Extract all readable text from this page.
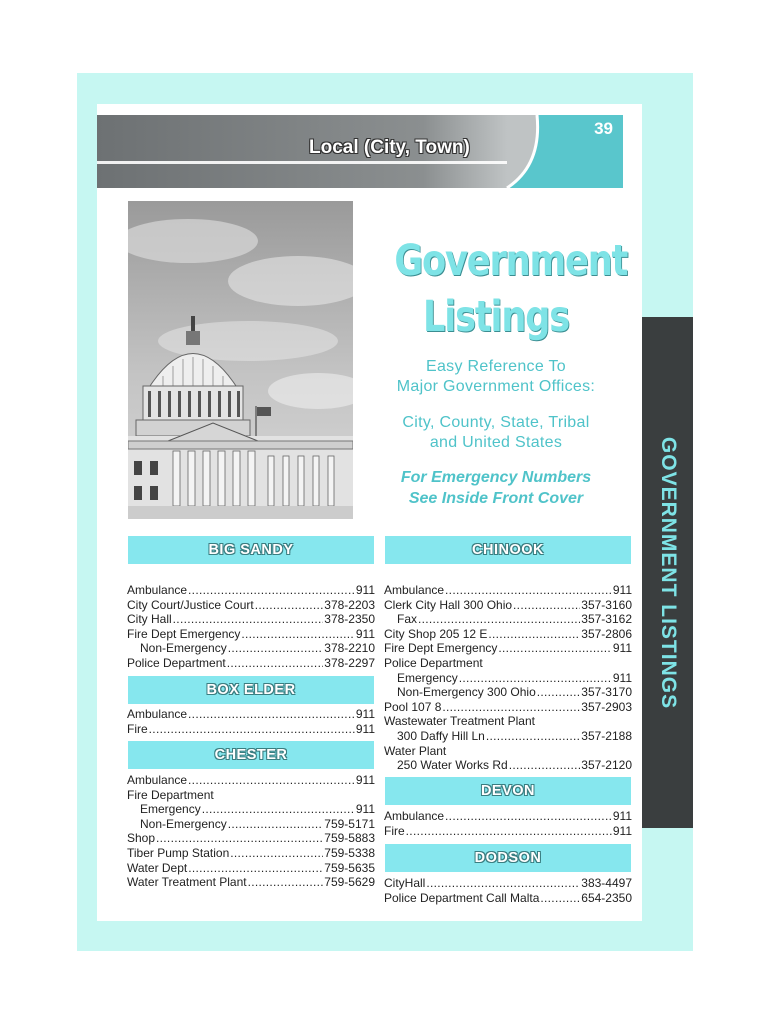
39
Local (City, Town)
Government
Listings
Easy Reference To
Major Government Offices:
City, County, State, Tribal
and United States
For Emergency Numbers
See Inside Front Cover	GOVERNMENT LISTINGS
BIG SANDY
Ambulance .....	911
City Court/Justice Court .....	378-2203
City Hall .....	378-2350
Fire Dept Emergency .....	911
Non-Emergency .....	378-2210
Police Department .....	378-2297
BOX ELDER
Ambulance .....	911
Fire .....	911
CHESTER
Ambulance .....	911
Fire Department
Emergency .....	911
Non-Emergency .....	759-5171
Shop .....	759-5883
Tiber Pump Station .....	759-5338
Water Dept .....	759-5635
Water Treatment Plant .....	759-5629
CHINOOK
Ambulance .....	911
Clerk City Hall 300 Ohio .....	357-3160
Fax .....	357-3162
City Shop 205 12 E .....	357-2806
Fire Dept Emergency .....	911
Police Department
Emergency .....	911
Non-Emergency 300 Ohio .....	357-3170
Pool 107 8 .....	357-2903
Wastewater Treatment Plant
300 Daffy Hill Ln .....	357-2188
Water Plant
250 Water Works Rd .....	357-2120
DEVON
Ambulance .....	911
Fire .....	911
DODSON
CityHall .....	383-4497
Police Department Call Malta .....	654-2350
